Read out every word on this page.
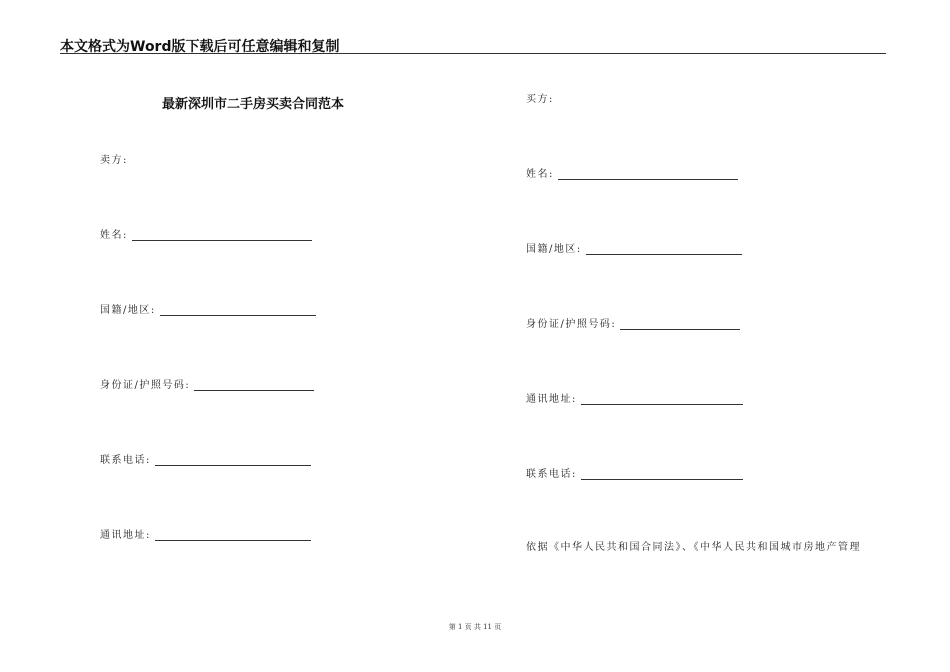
本文格式为Word版下载后可任意编辑和复制
最新深圳市二手房买卖合同范本
卖方:
姓名:
国籍/地区:
身份证/护照号码:
联系电话:
通讯地址:
买方:
姓名:
国籍/地区:
身份证/护照号码:
通讯地址:
联系电话:
依据《中华人民共和国合同法》、《中华人民共和国城市房地产管理
第 1 页 共 11 页
